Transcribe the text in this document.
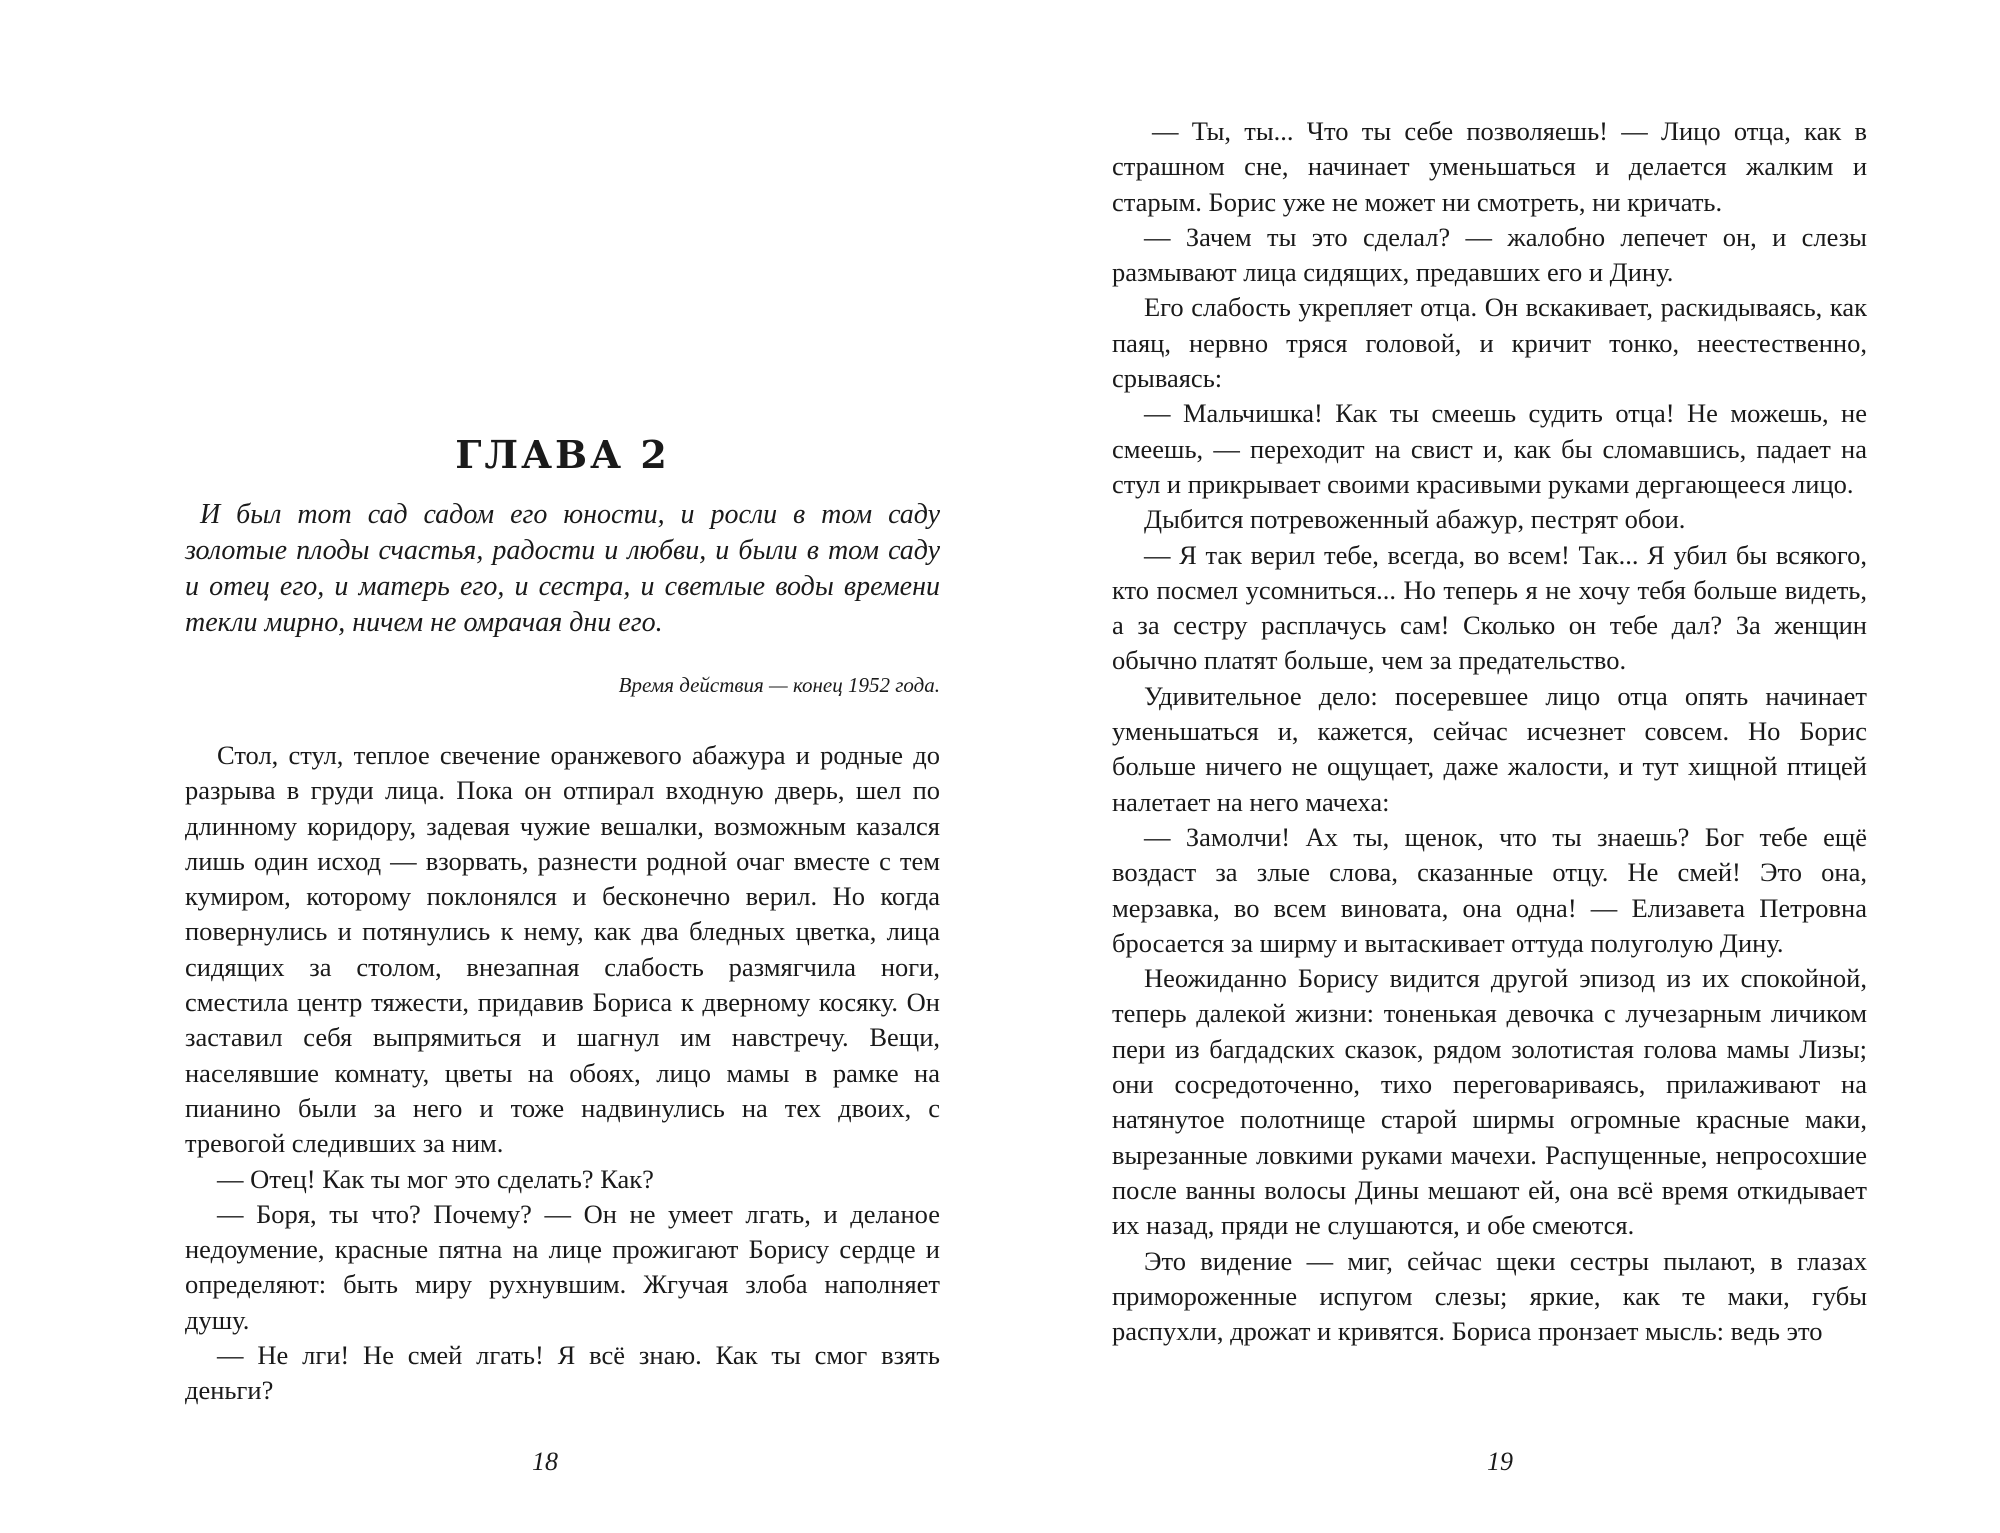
ГЛАВА 2

И был тот сад садом его юности, и росли в том саду золотые плоды счастья, радости и любви, и были в том саду и отец его, и матерь его, и сестра, и светлые воды времени текли мирно, ничем не омрачая дни его.

Время действия — конец 1952 года.

Стол, стул, теплое свечение оранжевого абажура и родные до разрыва в груди лица. Пока он отпирал входную дверь, шел по длинному коридору, задевая чужие вешалки, возможным казался лишь один исход — взорвать, разнести родной очаг вместе с тем кумиром, которому поклонялся и бесконечно верил. Но когда повернулись и потянулись к нему, как два бледных цветка, лица сидящих за столом, внезапная слабость размягчила ноги, сместила центр тяжести, придавив Бориса к дверному косяку. Он заставил себя выпрямиться и шагнул им навстречу. Вещи, населявшие комнату, цветы на обоях, лицо мамы в рамке на пианино были за него и тоже надвинулись на тех двоих, с тревогой следивших за ним.

— Отец! Как ты мог это сделать? Как?

— Боря, ты что? Почему? — Он не умеет лгать, и деланое недоумение, красные пятна на лице прожигают Борису сердце и определяют: быть миру рухнувшим. Жгучая злоба наполняет душу.

— Не лги! Не смей лгать! Я всё знаю. Как ты смог взять деньги?

18

— Ты, ты... Что ты себе позволяешь! — Лицо отца, как в страшном сне, начинает уменьшаться и делается жалким и старым. Борис уже не может ни смотреть, ни кричать.

— Зачем ты это сделал? — жалобно лепечет он, и слезы размывают лица сидящих, предавших его и Дину.

Его слабость укрепляет отца. Он вскакивает, раскидываясь, как паяц, нервно тряся головой, и кричит тонко, неестественно, срываясь:

— Мальчишка! Как ты смеешь судить отца! Не можешь, не смеешь, — переходит на свист и, как бы сломавшись, падает на стул и прикрывает своими красивыми руками дергающееся лицо.

Дыбится потревоженный абажур, пестрят обои.

— Я так верил тебе, всегда, во всем! Так... Я убил бы всякого, кто посмел усомниться... Но теперь я не хочу тебя больше видеть, а за сестру расплачусь сам! Сколько он тебе дал? За женщин обычно платят больше, чем за предательство.

Удивительное дело: посеревшее лицо отца опять начинает уменьшаться и, кажется, сейчас исчезнет совсем. Но Борис больше ничего не ощущает, даже жалости, и тут хищной птицей налетает на него мачеха:

— Замолчи! Ах ты, щенок, что ты знаешь? Бог тебе ещё воздаст за злые слова, сказанные отцу. Не смей! Это она, мерзавка, во всем виновата, она одна! — Елизавета Петровна бросается за ширму и вытаскивает оттуда полуголую Дину.

Неожиданно Борису видится другой эпизод из их спокойной, теперь далекой жизни: тоненькая девочка с лучезарным личиком пери из багдадских сказок, рядом золотистая голова мамы Лизы; они сосредоточенно, тихо переговариваясь, прилаживают на натянутое полотнище старой ширмы огромные красные маки, вырезанные ловкими руками мачехи. Распущенные, непросохшие после ванны волосы Дины мешают ей, она всё время откидывает их назад, пряди не слушаются, и обе смеются.

Это видение — миг, сейчас щеки сестры пылают, в глазах примороженные испугом слезы; яркие, как те маки, губы распухли, дрожат и кривятся. Бориса пронзает мысль: ведь это

19
